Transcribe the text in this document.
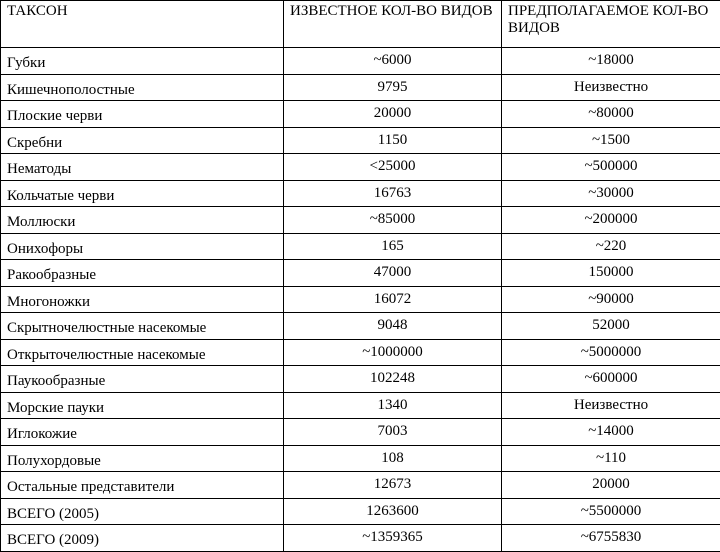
ТАКСОН	ИЗВЕСТНОЕ КОЛ-ВО ВИДОВ	ПРЕДПОЛАГАЕМОЕ КОЛ-ВО ВИДОВ
Губки	~6000	~18000
Кишечнополостные	9795	Неизвестно
Плоские черви	20000	~80000
Скребни	1150	~1500
Нематоды	<25000	~500000
Кольчатые черви	16763	~30000
Моллюски	~85000	~200000
Онихофоры	165	~220
Ракообразные	47000	150000
Многоножки	16072	~90000
Скрытночелюстные насекомые	9048	52000
Открыточелюстные насекомые	~1000000	~5000000
Паукообразные	102248	~600000
Морские пауки	1340	Неизвестно
Иглокожие	7003	~14000
Полухордовые	108	~110
Остальные представители	12673	20000
ВСЕГО (2005)	1263600	~5500000
ВСЕГО (2009)	~1359365	~6755830
